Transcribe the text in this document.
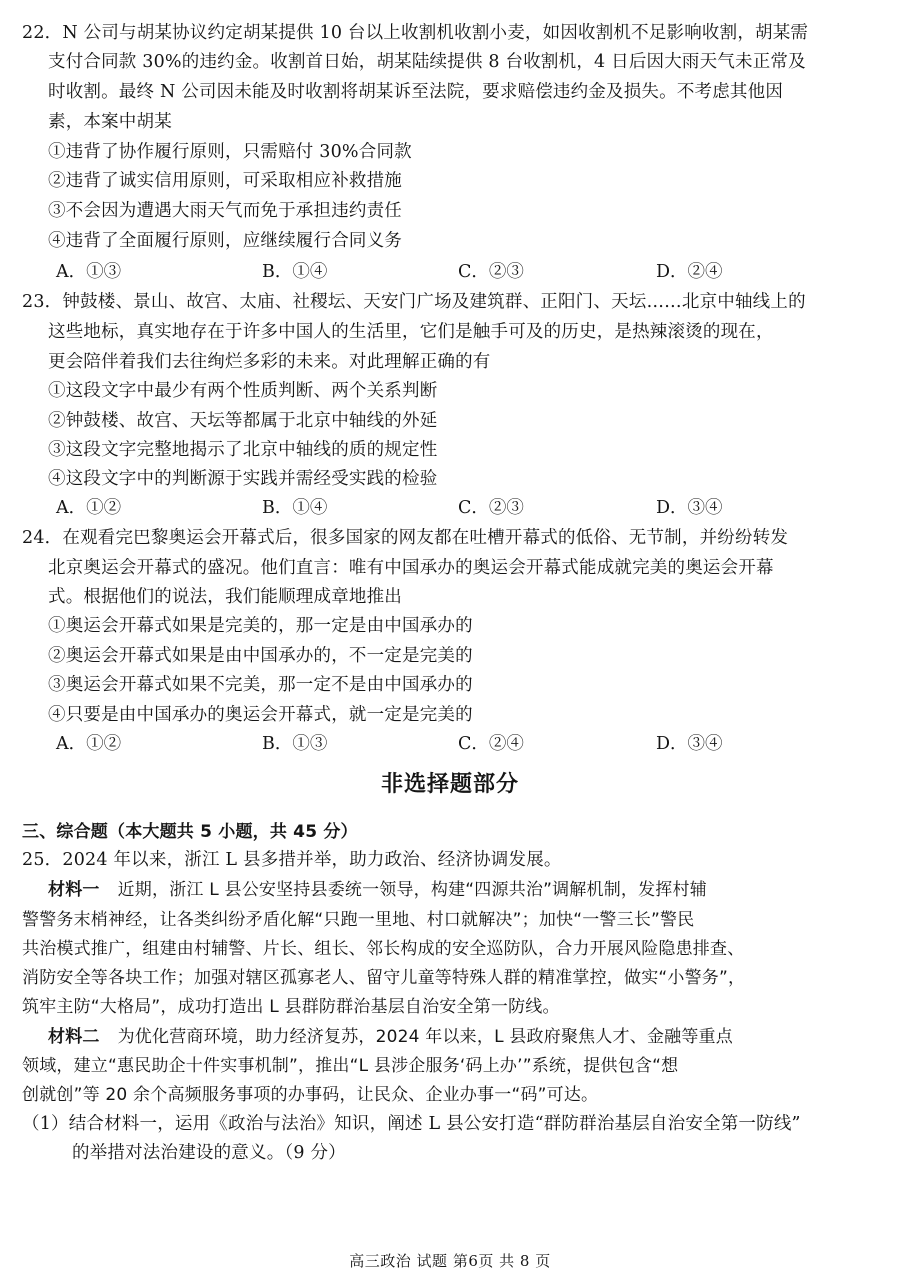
22．N 公司与胡某协议约定胡某提供 10 台以上收割机收割小麦，如因收割机不足影响收割，胡某需
支付合同款 30%的违约金。收割首日始，胡某陆续提供 8 台收割机，4 日后因大雨天气未正常及
时收割。最终 N 公司因未能及时收割将胡某诉至法院，要求赔偿违约金及损失。不考虑其他因
素，本案中胡某
①违背了协作履行原则，只需赔付 30%合同款
②违背了诚实信用原则，可采取相应补救措施
③不会因为遭遇大雨天气而免于承担违约责任
④违背了全面履行原则，应继续履行合同义务
A．①③	B．①④	C．②③	D．②④
23．钟鼓楼、景山、故宫、太庙、社稷坛、天安门广场及建筑群、正阳门、天坛……北京中轴线上的
这些地标，真实地存在于许多中国人的生活里，它们是触手可及的历史，是热辣滚烫的现在，
更会陪伴着我们去往绚烂多彩的未来。对此理解正确的有
①这段文字中最少有两个性质判断、两个关系判断
②钟鼓楼、故宫、天坛等都属于北京中轴线的外延
③这段文字完整地揭示了北京中轴线的质的规定性
④这段文字中的判断源于实践并需经受实践的检验
A．①②	B．①④	C．②③	D．③④
24．在观看完巴黎奥运会开幕式后，很多国家的网友都在吐槽开幕式的低俗、无节制，并纷纷转发
北京奥运会开幕式的盛况。他们直言：唯有中国承办的奥运会开幕式能成就完美的奥运会开幕
式。根据他们的说法，我们能顺理成章地推出
①奥运会开幕式如果是完美的，那一定是由中国承办的
②奥运会开幕式如果是由中国承办的，不一定是完美的
③奥运会开幕式如果不完美，那一定不是由中国承办的
④只要是由中国承办的奥运会开幕式，就一定是完美的
A．①②	B．①③	C．②④	D．③④
非选择题部分
三、综合题（本大题共 5 小题，共 45 分）
25．2024 年以来，浙江 L 县多措并举，助力政治、经济协调发展。
材料一 近期，浙江 L 县公安坚持县委统一领导，构建“四源共治”调解机制，发挥村辅
警警务末梢神经，让各类纠纷矛盾化解“只跑一里地、村口就解决”；加快“一警三长”警民
共治模式推广，组建由村辅警、片长、组长、邻长构成的安全巡防队，合力开展风险隐患排查、
消防安全等各块工作；加强对辖区孤寡老人、留守儿童等特殊人群的精准掌控，做实“小警务”，
筑牢主防“大格局”，成功打造出 L 县群防群治基层自治安全第一防线。
材料二 为优化营商环境，助力经济复苏，2024 年以来，L 县政府聚焦人才、金融等重点
领域，建立“惠民助企十件实事机制”，推出“L 县涉企服务‘码上办’”系统，提供包含“想
创就创”等 20 余个高频服务事项的办事码，让民众、企业办事一“码”可达。
（1）结合材料一，运用《政治与法治》知识，阐述 L 县公安打造“群防群治基层自治安全第一防线”
的举措对法治建设的意义。（9 分）
高三政治 试题 第6页 共 8 页
